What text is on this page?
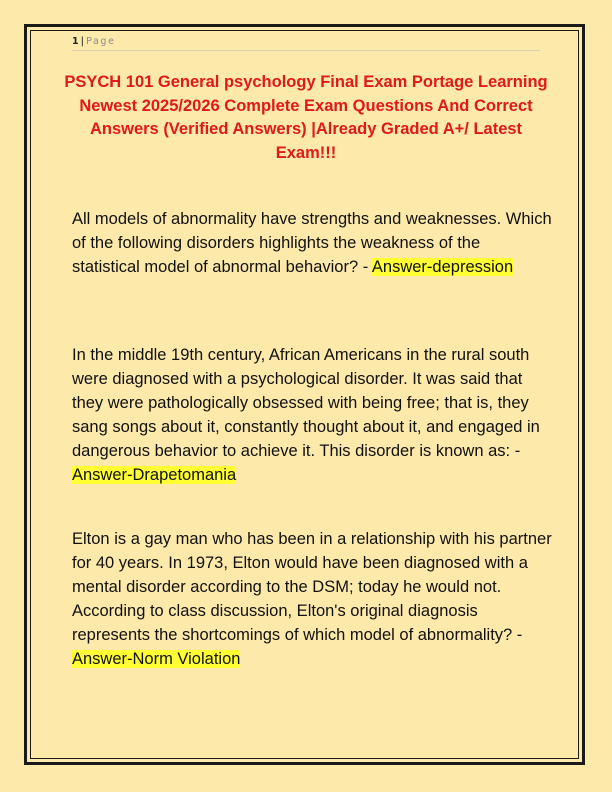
1 | Page
PSYCH 101 General psychology Final Exam Portage Learning Newest 2025/2026 Complete Exam Questions And Correct Answers (Verified Answers) |Already Graded A+/ Latest Exam!!!
All models of abnormality have strengths and weaknesses. Which of the following disorders highlights the weakness of the statistical model of abnormal behavior? - Answer-depression
In the middle 19th century, African Americans in the rural south were diagnosed with a psychological disorder. It was said that they were pathologically obsessed with being free; that is, they sang songs about it, constantly thought about it, and engaged in dangerous behavior to achieve it. This disorder is known as: - Answer-Drapetomania
Elton is a gay man who has been in a relationship with his partner for 40 years. In 1973, Elton would have been diagnosed with a mental disorder according to the DSM; today he would not. According to class discussion, Elton's original diagnosis represents the shortcomings of which model of abnormality? - Answer-Norm Violation
